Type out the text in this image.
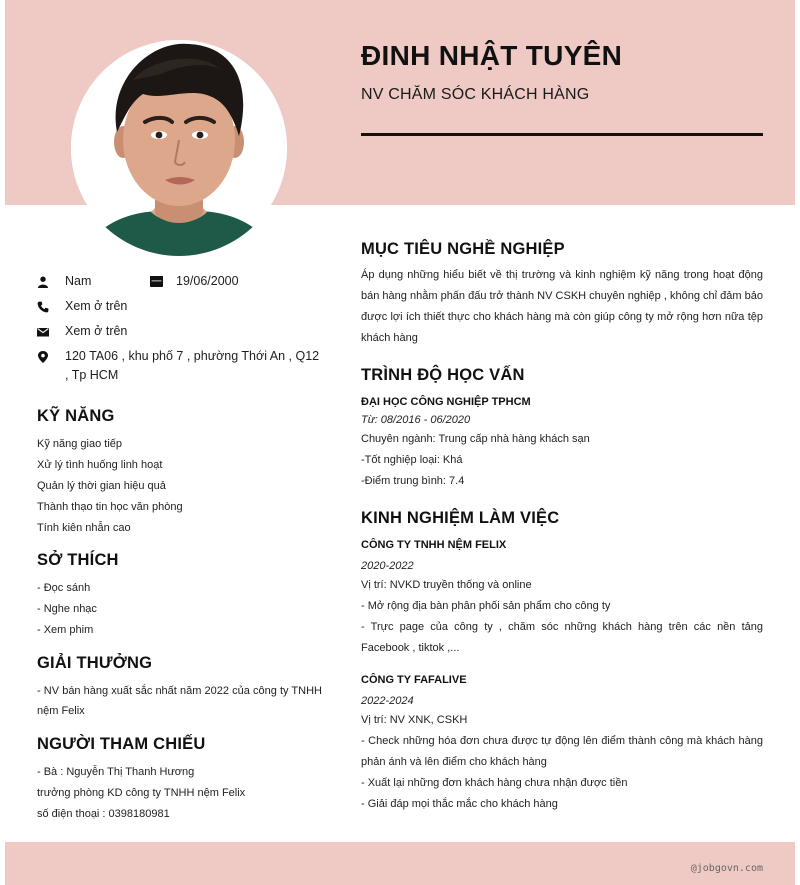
ĐINH NHẬT TUYÊN
NV CHĂM SÓC KHÁCH HÀNG
Nam	19/06/2000
Xem ở trên
Xem ở trên
120 TA06 , khu phố 7 , phường Thới An , Q12 , Tp HCM
KỸ NĂNG
Kỹ năng giao tiếp
Xử lý tình huống linh hoạt
Quản lý thời gian hiệu quả
Thành thạo tin học văn phòng
Tính kiên nhẫn cao
SỞ THÍCH
- Đọc sánh
- Nghe nhạc
- Xem phim
GIẢI THƯỞNG
- NV bán hàng xuất sắc nhất năm 2022 của công ty TNHH nệm Felix
NGƯỜI THAM CHIẾU
- Bà : Nguyễn Thị Thanh Hương
trưởng phòng KD công ty TNHH nệm Felix
số điện thoại : 0398180981
MỤC TIÊU NGHỀ NGHIỆP
Áp dụng những hiểu biết về thị trường và kinh nghiệm kỹ năng trong hoạt động bán hàng nhằm phấn đấu trở thành NV CSKH chuyên nghiệp , không chỉ đảm bảo được lợi ích thiết thực cho khách hàng mà còn giúp công ty mở rộng hơn nữa tệp khách hàng
TRÌNH ĐỘ HỌC VẤN
ĐẠI HỌC CÔNG NGHIỆP TPHCM
Từ: 08/2016 - 06/2020
Chuyên ngành: Trung cấp nhà hàng khách sạn
-Tốt nghiệp loại: Khá
-Điểm trung bình: 7.4
KINH NGHIỆM LÀM VIỆC
CÔNG TY TNHH NỆM FELIX
2020-2022
Vị trí: NVKD truyền thống và online
- Mở rộng địa bàn phân phối sản phẩm cho công ty
- Trực page của công ty , chăm sóc những khách hàng trên các nền tảng Facebook , tiktok ,...
CÔNG TY FAFALIVE
2022-2024
Vị trí: NV XNK, CSKH
- Check những hóa đơn chưa được tự động lên điểm thành công mà khách hàng phản ánh và lên điểm cho khách hàng
- Xuất lại những đơn khách hàng chưa nhận được tiền
- Giải đáp mọi thắc mắc cho khách hàng
@jobgovn.com
